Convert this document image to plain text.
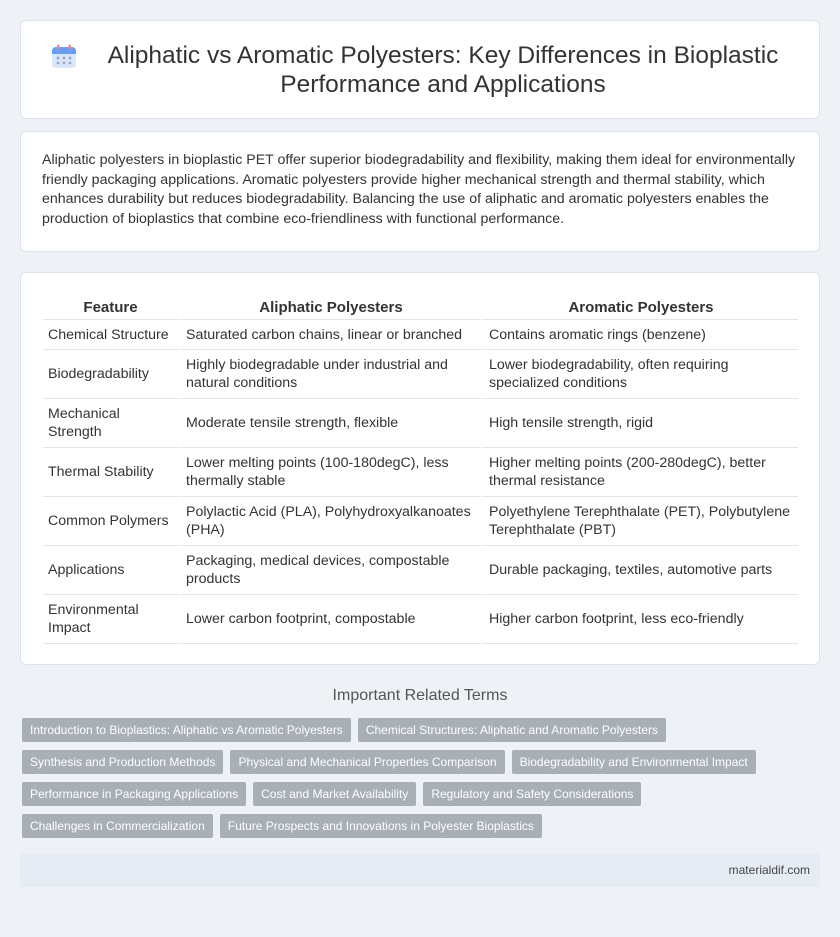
Aliphatic vs Aromatic Polyesters: Key Differences in Bioplastic Performance and Applications

Aliphatic polyesters in bioplastic PET offer superior biodegradability and flexibility, making them ideal for environmentally friendly packaging applications. Aromatic polyesters provide higher mechanical strength and thermal stability, which enhances durability but reduces biodegradability. Balancing the use of aliphatic and aromatic polyesters enables the production of bioplastics that combine eco-friendliness with functional performance.

Feature	Aliphatic Polyesters	Aromatic Polyesters
Chemical Structure	Saturated carbon chains, linear or branched	Contains aromatic rings (benzene)
Biodegradability	Highly biodegradable under industrial and natural conditions	Lower biodegradability, often requiring specialized conditions
Mechanical Strength	Moderate tensile strength, flexible	High tensile strength, rigid
Thermal Stability	Lower melting points (100-180degC), less thermally stable	Higher melting points (200-280degC), better thermal resistance
Common Polymers	Polylactic Acid (PLA), Polyhydroxyalkanoates (PHA)	Polyethylene Terephthalate (PET), Polybutylene Terephthalate (PBT)
Applications	Packaging, medical devices, compostable products	Durable packaging, textiles, automotive parts
Environmental Impact	Lower carbon footprint, compostable	Higher carbon footprint, less eco-friendly
Important Related Terms
Introduction to Bioplastics: Aliphatic vs Aromatic Polyesters	Chemical Structures: Aliphatic and Aromatic Polyesters
Synthesis and Production Methods	Physical and Mechanical Properties Comparison	Biodegradability and Environmental Impact
Performance in Packaging Applications	Cost and Market Availability	Regulatory and Safety Considerations
Challenges in Commercialization	Future Prospects and Innovations in Polyester Bioplastics
materialdif.com
